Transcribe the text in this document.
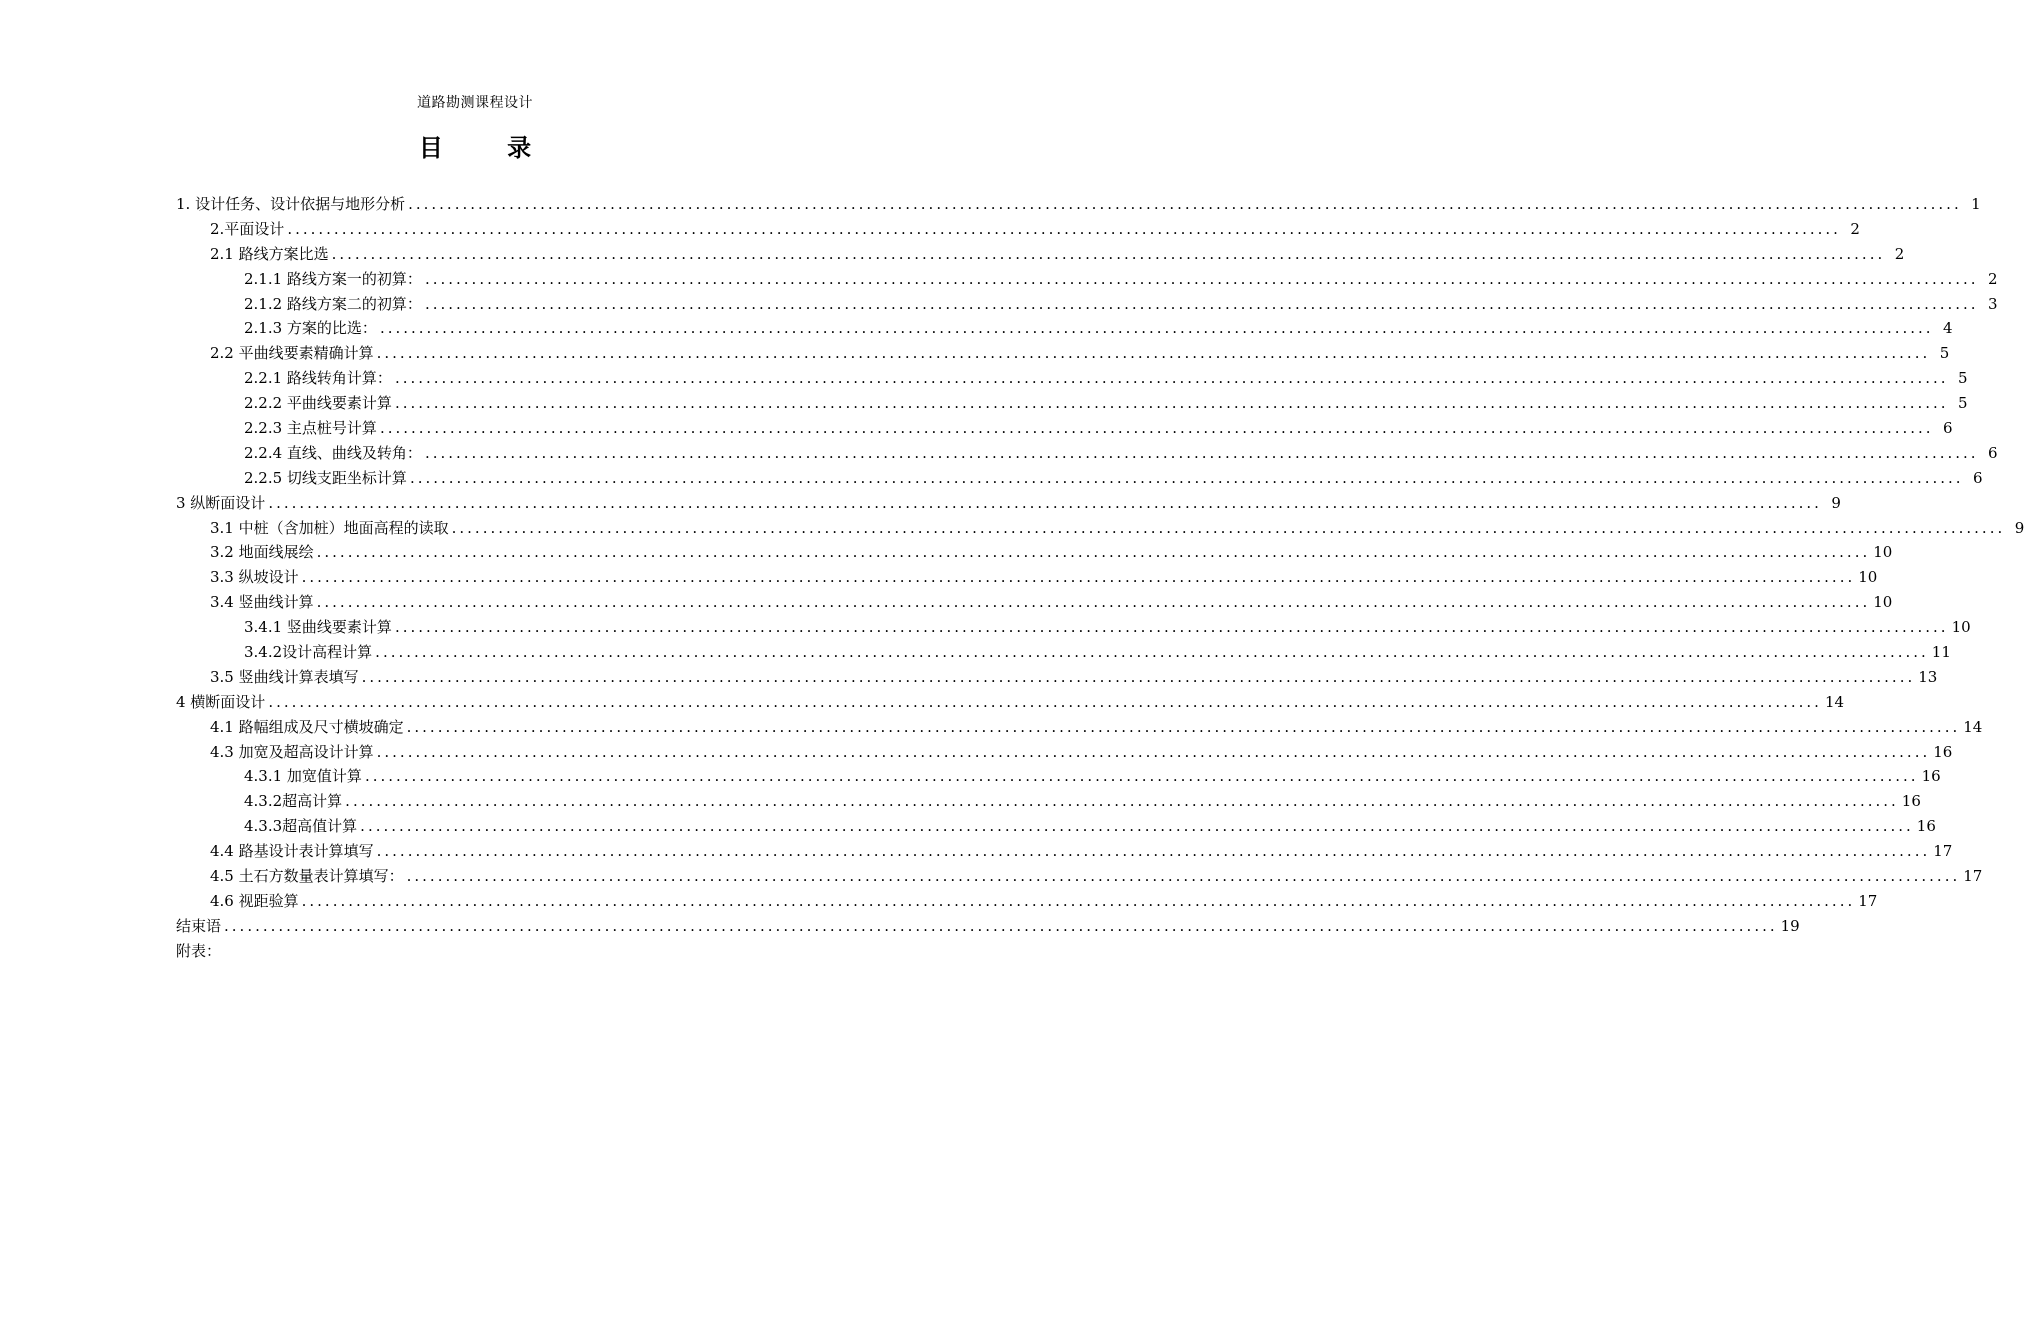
道路勘测课程设计
目 录
1. 设计任务、设计依据与地形分析 ........................................................................................................................................................................................................ 1
2.平面设计 ........................................................................................................................................................................................................ 2
2.1 路线方案比选 ........................................................................................................................................................................................................ 2
2.1.1 路线方案一的初算： ........................................................................................................................................................................................................ 2
2.1.2 路线方案二的初算： ........................................................................................................................................................................................................ 3
2.1.3 方案的比选： ........................................................................................................................................................................................................ 4
2.2 平曲线要素精确计算 ........................................................................................................................................................................................................ 5
2.2.1 路线转角计算： ........................................................................................................................................................................................................ 5
2.2.2 平曲线要素计算 ........................................................................................................................................................................................................ 5
2.2.3 主点桩号计算 ........................................................................................................................................................................................................ 6
2.2.4 直线、曲线及转角： ........................................................................................................................................................................................................ 6
2.2.5 切线支距坐标计算 ........................................................................................................................................................................................................ 6
3 纵断面设计 ........................................................................................................................................................................................................ 9
3.1 中桩（含加桩）地面高程的读取 ........................................................................................................................................................................................................ 9
3.2 地面线展绘 ........................................................................................................................................................................................................ 10
3.3 纵坡设计 ........................................................................................................................................................................................................ 10
3.4 竖曲线计算 ........................................................................................................................................................................................................ 10
3.4.1 竖曲线要素计算 ........................................................................................................................................................................................................ 10
3.4.2设计高程计算 ........................................................................................................................................................................................................ 11
3.5 竖曲线计算表填写 ........................................................................................................................................................................................................ 13
4 横断面设计 ........................................................................................................................................................................................................ 14
4.1 路幅组成及尺寸横坡确定 ........................................................................................................................................................................................................ 14
4.3 加宽及超高设计计算 ........................................................................................................................................................................................................ 16
4.3.1 加宽值计算 ........................................................................................................................................................................................................ 16
4.3.2超高计算 ........................................................................................................................................................................................................ 16
4.3.3超高值计算 ........................................................................................................................................................................................................ 16
4.4 路基设计表计算填写 ........................................................................................................................................................................................................ 17
4.5 土石方数量表计算填写： ........................................................................................................................................................................................................ 17
4.6 视距验算 ........................................................................................................................................................................................................ 17
结束语 ........................................................................................................................................................................................................ 19
附表：
